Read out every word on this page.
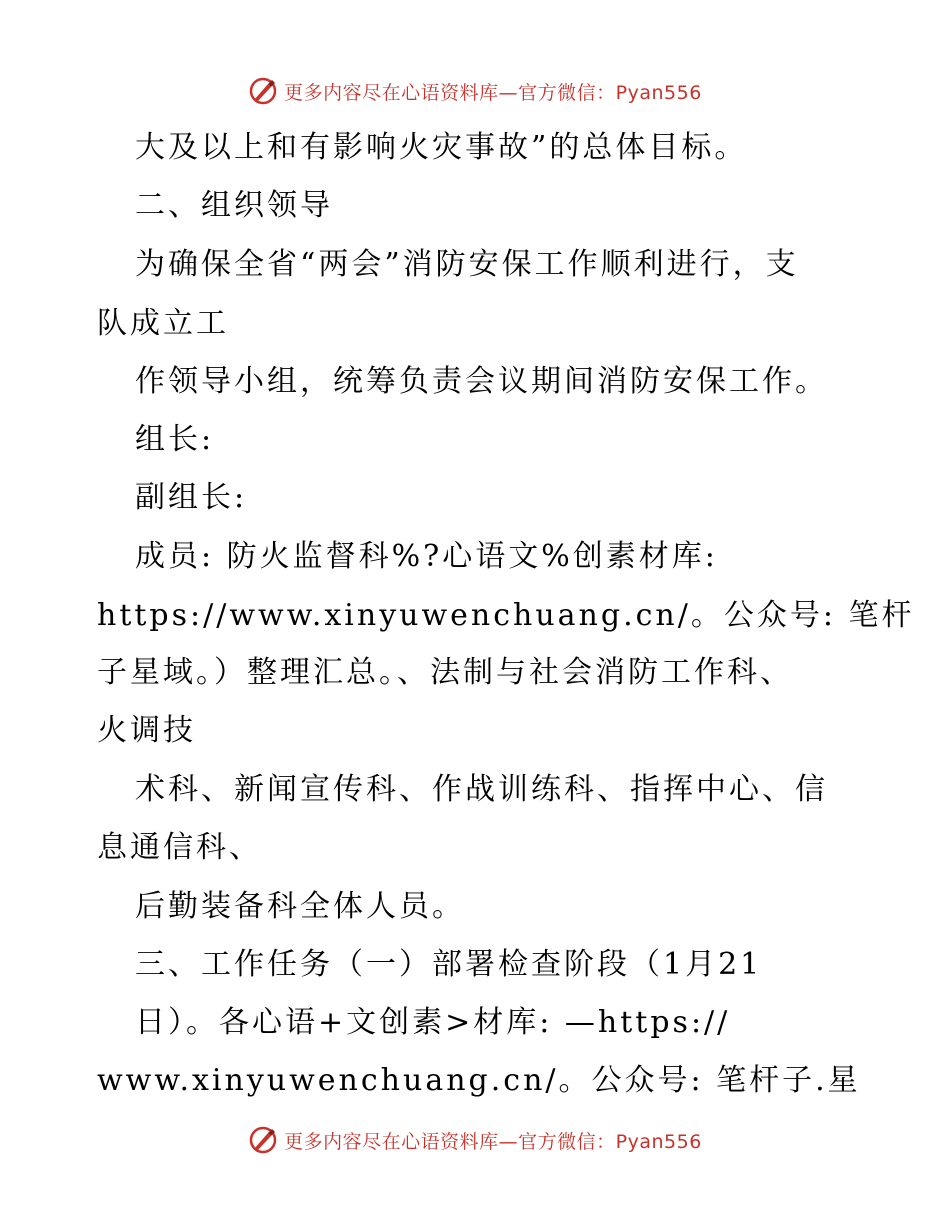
更多内容尽在心语资料库—官方微信：Pyan556
大及以上和有影响火灾事故”的总体目标。
二、组织领导
为确保全省“两会”消防安保工作顺利进行，支
队成立工
作领导小组，统筹负责会议期间消防安保工作。
组长:
副组长:
成员: 防火监督科%?心语文%创素材库:
https://www.xinyuwenchuang.cn/。公众号: 笔杆
子星域。）整理汇总。、法制与社会消防工作科、
火调技
术科、新闻宣传科、作战训练科、指挥中心、信
息通信科、
后勤装备科全体人员。
三、工作任务（一）部署检查阶段（1月21
日）。各心语+文创素>材库: —https://
www.xinyuwenchuang.cn/。公众号: 笔杆子.星
更多内容尽在心语资料库—官方微信：Pyan556
